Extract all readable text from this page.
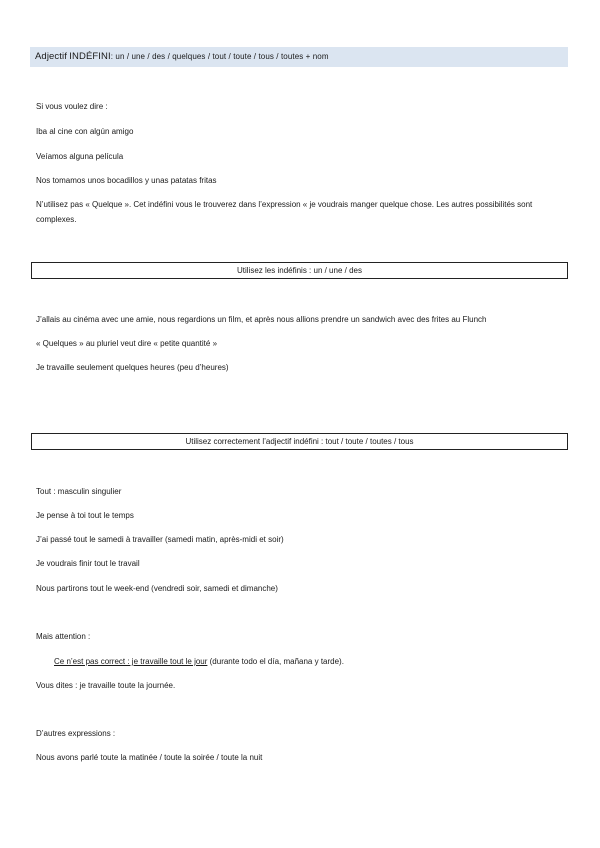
Adjectif INDÉFINI: un / une / des / quelques / tout / toute / tous / toutes + nom
Si vous voulez dire :
Iba al cine con algún amigo
Veíamos alguna película
Nos tomamos unos bocadillos y unas patatas fritas
N’utilisez pas « Quelque ». Cet indéfini vous le trouverez dans l’expression « je voudrais manger quelque chose. Les autres possibilités sont complexes.
Utilisez les indéfinis : un / une / des
J’allais au cinéma avec une amie, nous regardions un film, et après nous allions prendre un sandwich avec des frites au Flunch
« Quelques » au pluriel veut dire « petite quantité »
Je travaille seulement quelques heures (peu d’heures)
Utilisez correctement l’adjectif indéfini : tout / toute / toutes / tous
Tout : masculin singulier
Je pense à toi tout le temps
J’ai passé tout le samedi à travailler (samedi matin, après-midi et soir)
Je voudrais finir tout le travail
Nous partirons tout le week-end (vendredi soir, samedi et dimanche)
Mais attention :
Ce n’est pas correct : je travaille tout le jour (durante todo el día, mañana y tarde).
Vous dites : je travaille toute la journée.
D’autres expressions :
Nous avons parlé toute la matinée / toute la soirée / toute la nuit
